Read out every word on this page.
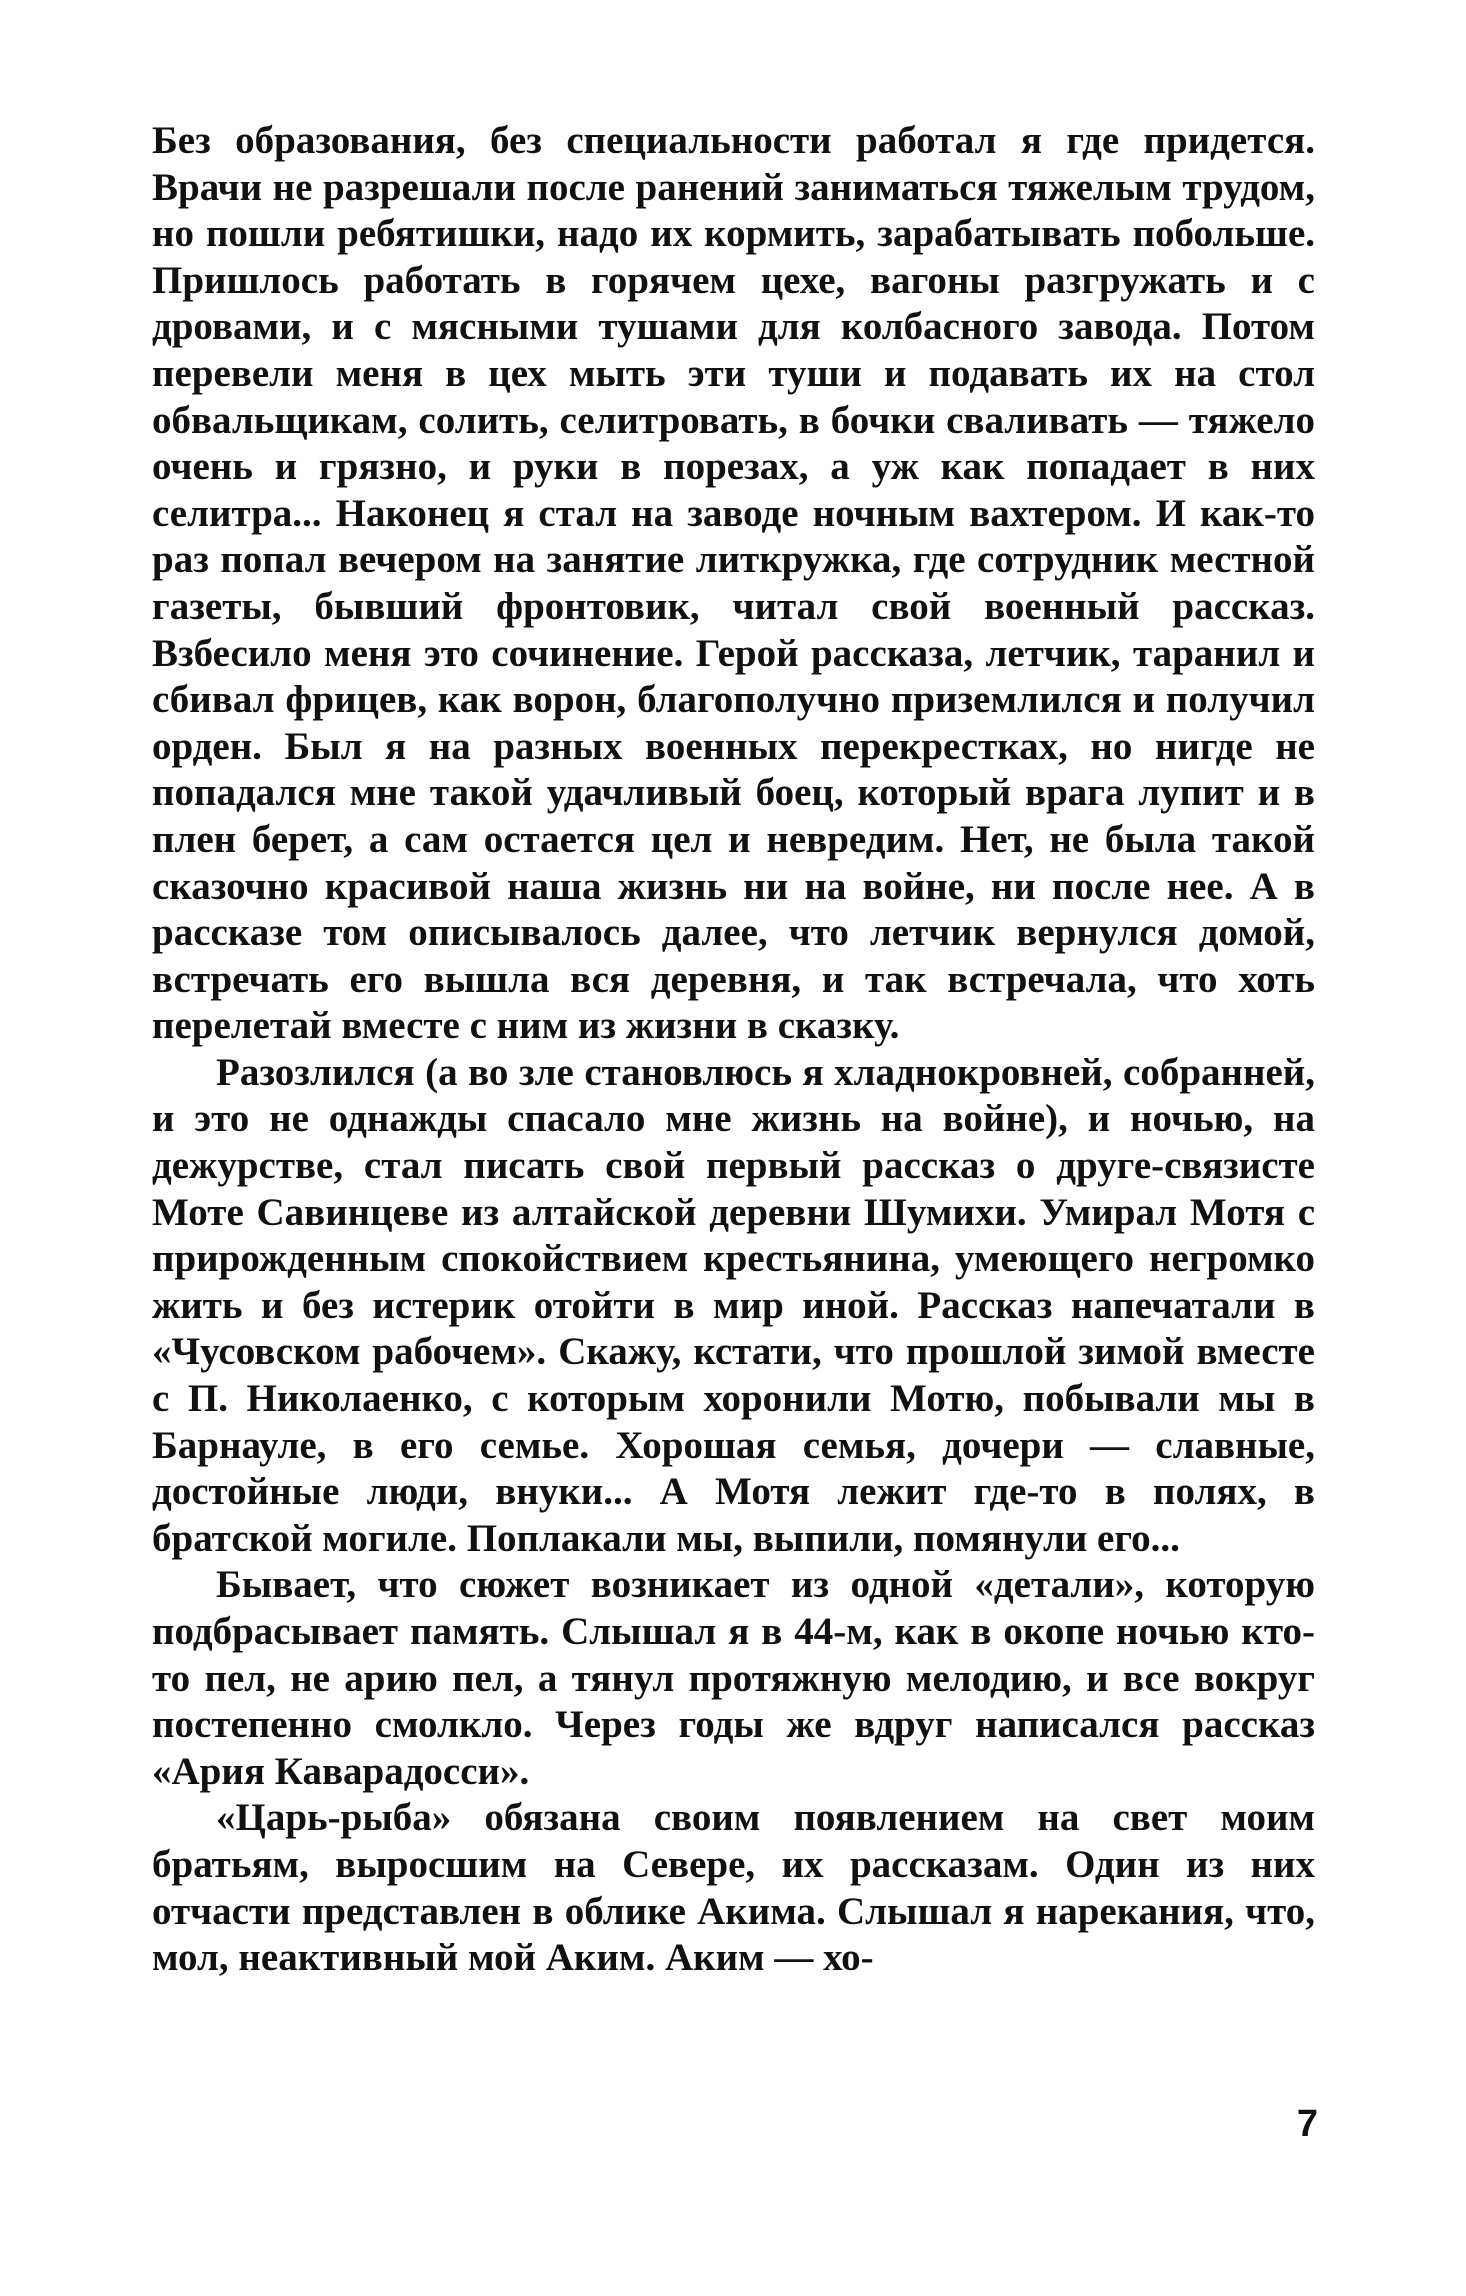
Без образования, без специальности работал я где придется. Врачи не разрешали после ранений заниматься тяжелым трудом, но пошли ребятишки, надо их кормить, зарабатывать побольше. Пришлось работать в горячем цехе, вагоны разгружать и с дровами, и с мясными тушами для колбасного завода. Потом перевели меня в цех мыть эти туши и подавать их на стол обвальщикам, солить, селитровать, в бочки сваливать — тяжело очень и грязно, и руки в порезах, а уж как попадает в них селитра... Наконец я стал на заводе ночным вахтером. И как-то раз попал вечером на занятие литкружка, где сотрудник местной газеты, бывший фронтовик, читал свой военный рассказ. Взбесило меня это сочинение. Герой рассказа, летчик, таранил и сбивал фрицев, как ворон, благополучно приземлился и получил орден. Был я на разных военных перекрестках, но нигде не попадался мне такой удачливый боец, который врага лупит и в плен берет, а сам остается цел и невредим. Нет, не была такой сказочно красивой наша жизнь ни на войне, ни после нее. А в рассказе том описывалось далее, что летчик вернулся домой, встречать его вышла вся деревня, и так встречала, что хоть перелетай вместе с ним из жизни в сказку.

Разозлился (а во зле становлюсь я хладнокровней, собранней, и это не однажды спасало мне жизнь на войне), и ночью, на дежурстве, стал писать свой первый рассказ о друге-связисте Моте Савинцеве из алтайской деревни Шумихи. Умирал Мотя с прирожденным спокойствием крестьянина, умеющего негромко жить и без истерик отойти в мир иной. Рассказ напечатали в «Чусовском рабочем». Скажу, кстати, что прошлой зимой вместе с П. Николаенко, с которым хоронили Мотю, побывали мы в Барнауле, в его семье. Хорошая семья, дочери — славные, достойные люди, внуки... А Мотя лежит где-то в полях, в братской могиле. Поплакали мы, выпили, помянули его...

Бывает, что сюжет возникает из одной «детали», которую подбрасывает память. Слышал я в 44-м, как в окопе ночью кто-то пел, не арию пел, а тянул протяжную мелодию, и все вокруг постепенно смолкло. Через годы же вдруг написался рассказ «Ария Каварадосси».

«Царь-рыба» обязана своим появлением на свет моим братьям, выросшим на Севере, их рассказам. Один из них отчасти представлен в облике Акима. Слышал я нарекания, что, мол, неактивный мой Аким. Аким — хо-

7
